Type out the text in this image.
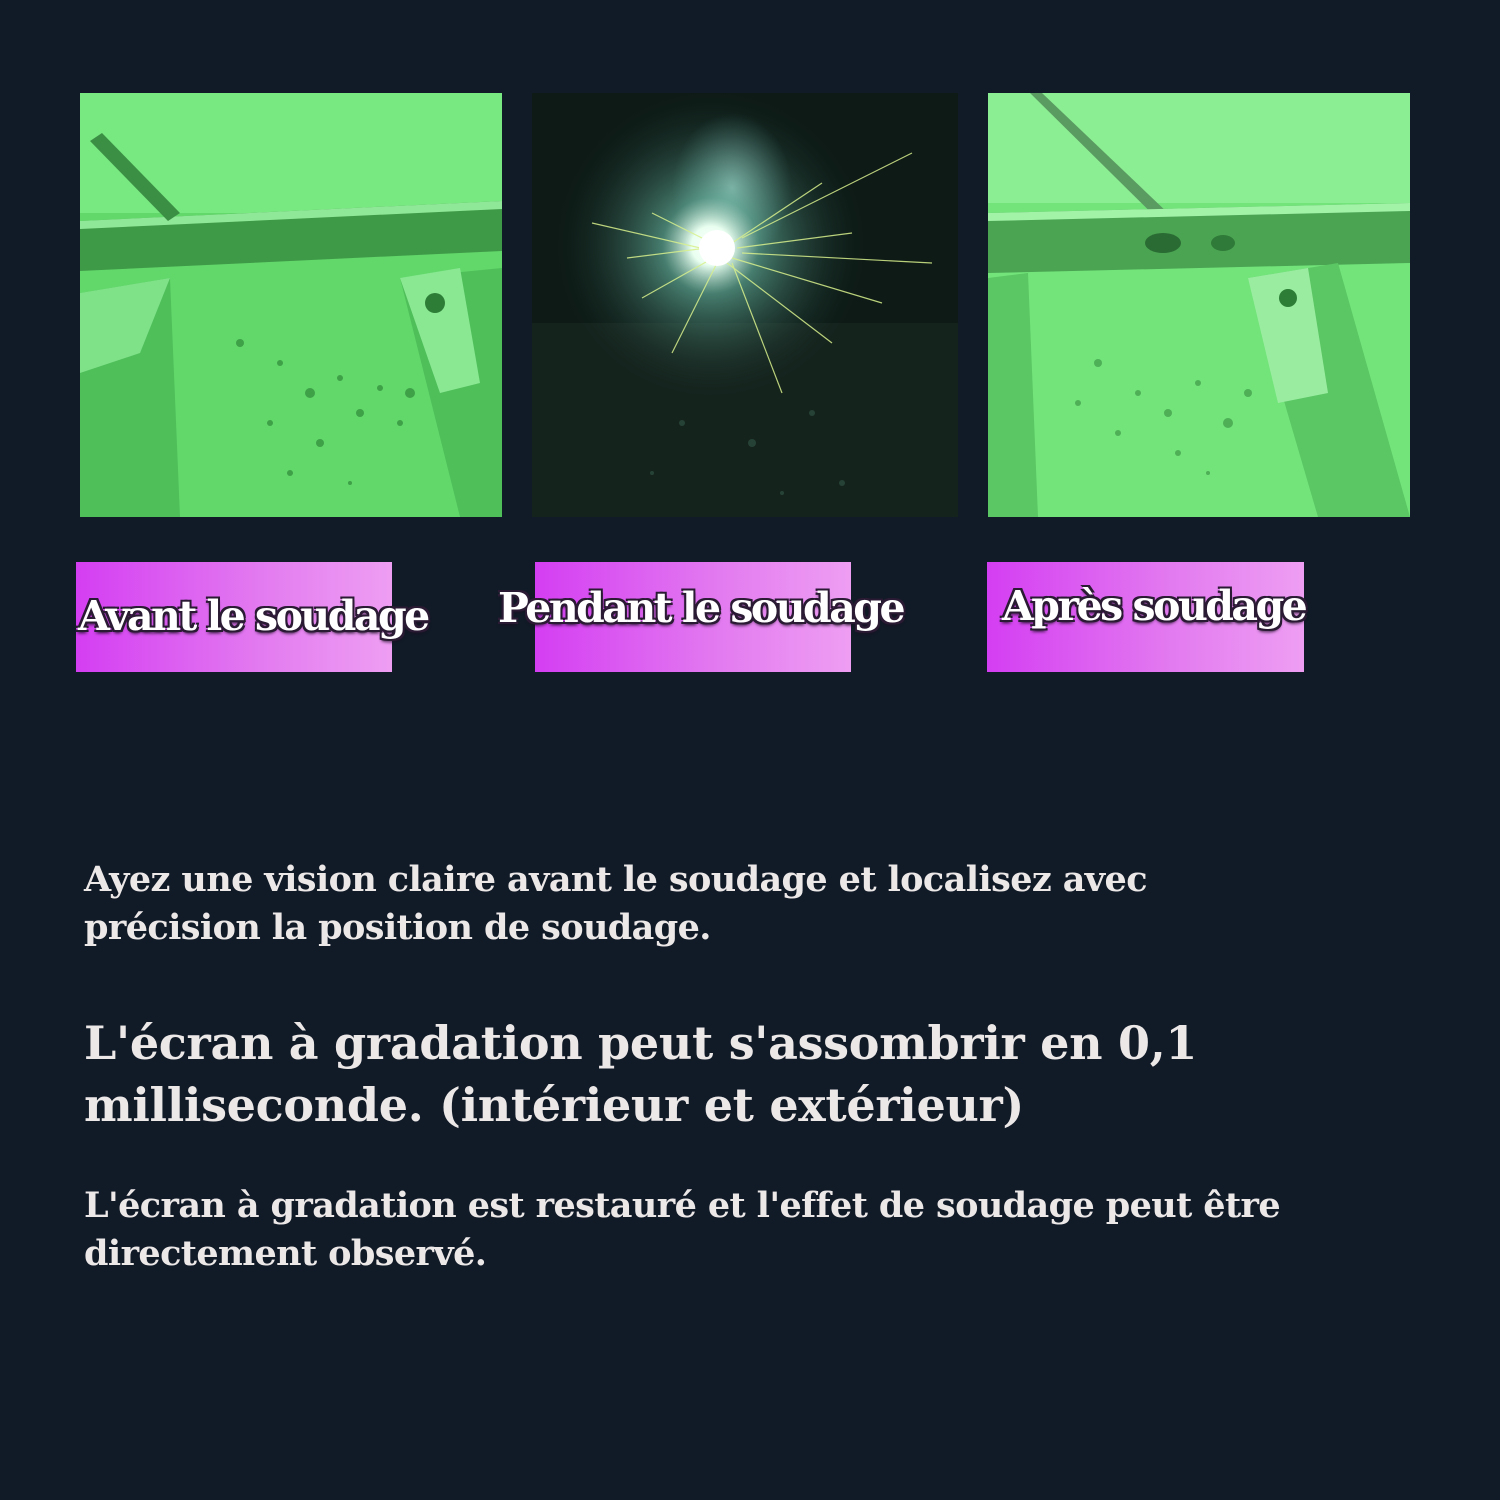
Avant le soudage Pendant le soudage Après soudage

Ayez une vision claire avant le soudage et localisez avec précision la position de soudage.

L'écran à gradation peut s'assombrir en 0,1 milliseconde. (intérieur et extérieur)

L'écran à gradation est restauré et l'effet de soudage peut être directement observé.
